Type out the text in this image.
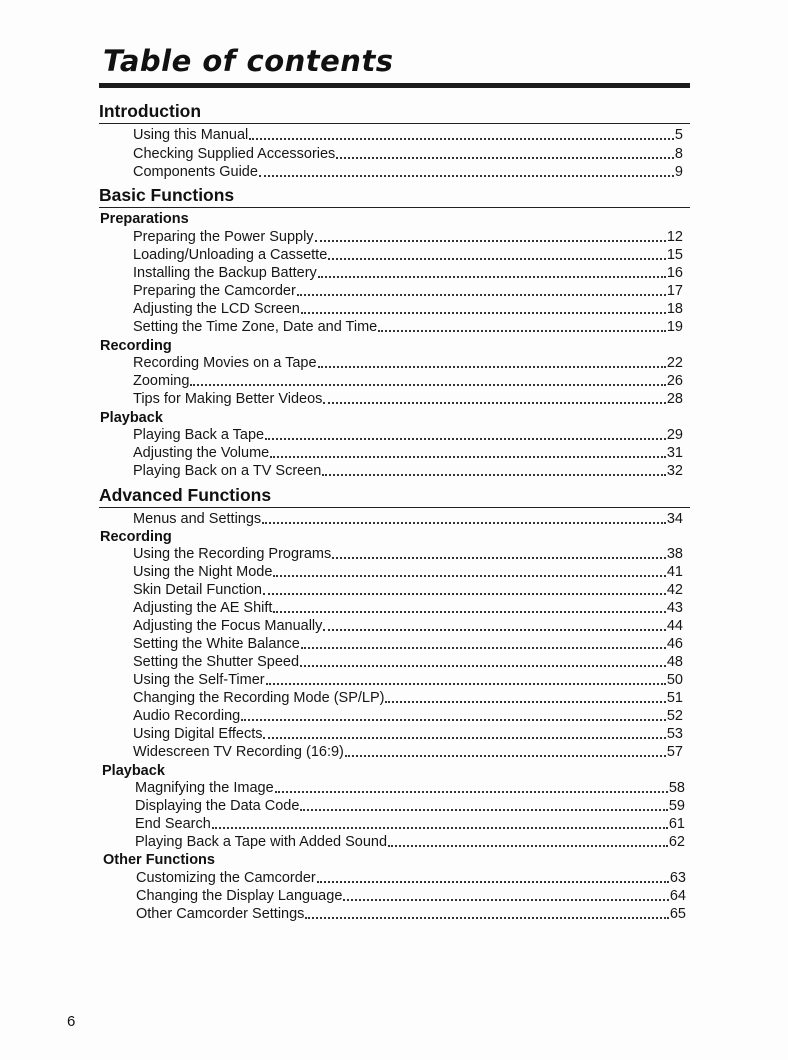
Table of contents
Introduction
Using this Manual	5
Checking Supplied Accessories	8
Components Guide	9
Basic Functions
Preparations
Preparing the Power Supply	12
Loading/Unloading a Cassette	15
Installing the Backup Battery	16
Preparing the Camcorder	17
Adjusting the LCD Screen	18
Setting the Time Zone, Date and Time	19
Recording
Recording Movies on a Tape	22
Zooming	26
Tips for Making Better Videos	28
Playback
Playing Back a Tape	29
Adjusting the Volume	31
Playing Back on a TV Screen	32
Advanced Functions
Menus and Settings	34
Recording
Using the Recording Programs	38
Using the Night Mode	41
Skin Detail Function	42
Adjusting the AE Shift	43
Adjusting the Focus Manually	44
Setting the White Balance	46
Setting the Shutter Speed	48
Using the Self-Timer	50
Changing the Recording Mode (SP/LP)	51
Audio Recording	52
Using Digital Effects	53
Widescreen TV Recording (16:9)	57
Playback
Magnifying the Image	58
Displaying the Data Code	59
End Search	61
Playing Back a Tape with Added Sound	62
Other Functions
Customizing the Camcorder	63
Changing the Display Language	64
Other Camcorder Settings	65
6
